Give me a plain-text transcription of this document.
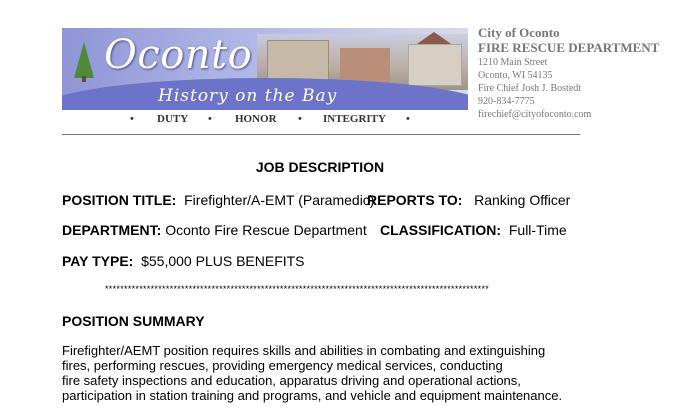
Oconto
History on the Bay
• DUTY • HONOR • INTEGRITY •
City of Oconto
FIRE RESCUE DEPARTMENT
1210 Main Street
Oconto, WI 54135
Fire Chief Josh J. Bostedt
920-834-7775
firechief@cityofoconto.com
JOB DESCRIPTION
POSITION TITLE: Firefighter/A-EMT (Paramedic)
REPORTS TO: Ranking Officer
DEPARTMENT: Oconto Fire Rescue Department CLASSIFICATION: Full-Time
PAY TYPE: $55,000 PLUS BENEFITS
*****************************************************************************************************
POSITION SUMMARY
Firefighter/AEMT position requires skills and abilities in combating and extinguishing
fires, performing rescues, providing emergency medical services, conducting
fire safety inspections and education, apparatus driving and operational actions,
participation in station training and programs, and vehicle and equipment maintenance.
